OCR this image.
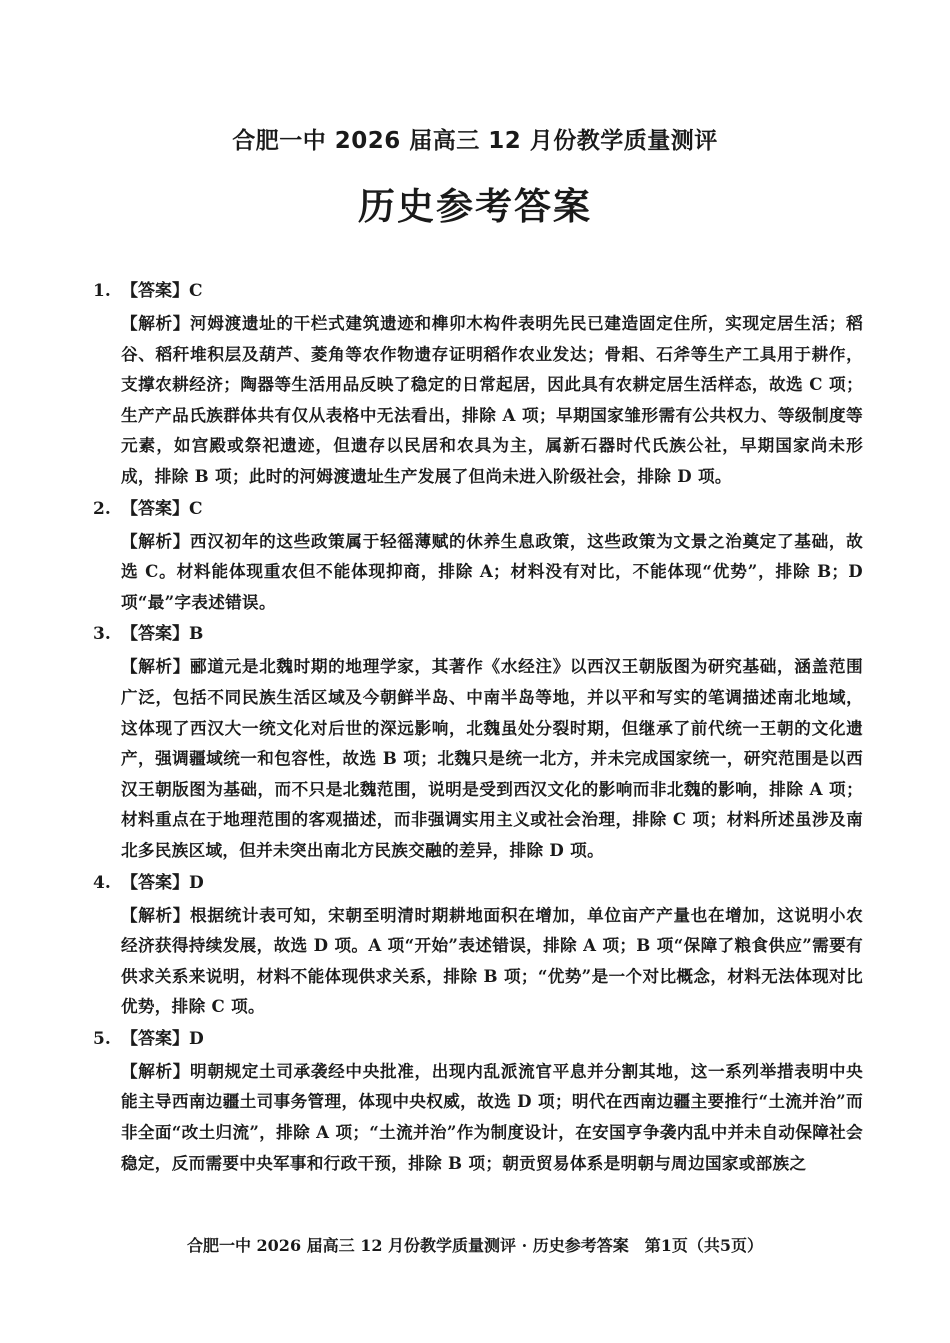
合肥一中 2026 届高三 12 月份教学质量测评
历史参考答案
1. 【答案】C
【解析】河姆渡遗址的干栏式建筑遗迹和榫卯木构件表明先民已建造固定住所，实现定居生活；稻谷、稻秆堆积层及葫芦、菱角等农作物遗存证明稻作农业发达；骨耜、石斧等生产工具用于耕作，支撑农耕经济；陶器等生活用品反映了稳定的日常起居，因此具有农耕定居生活样态，故选 C 项；生产产品氏族群体共有仅从表格中无法看出，排除 A 项；早期国家雏形需有公共权力、等级制度等元素，如宫殿或祭祀遗迹，但遗存以民居和农具为主，属新石器时代氏族公社，早期国家尚未形成，排除 B 项；此时的河姆渡遗址生产发展了但尚未进入阶级社会，排除 D 项。
2. 【答案】C
【解析】西汉初年的这些政策属于轻徭薄赋的休养生息政策，这些政策为文景之治奠定了基础，故选 C。材料能体现重农但不能体现抑商，排除 A；材料没有对比，不能体现“优势”，排除 B；D 项“最”字表述错误。
3. 【答案】B
【解析】郦道元是北魏时期的地理学家，其著作《水经注》以西汉王朝版图为研究基础，涵盖范围广泛，包括不同民族生活区域及今朝鲜半岛、中南半岛等地，并以平和写实的笔调描述南北地域，这体现了西汉大一统文化对后世的深远影响，北魏虽处分裂时期，但继承了前代统一王朝的文化遗产，强调疆域统一和包容性，故选 B 项；北魏只是统一北方，并未完成国家统一，研究范围是以西汉王朝版图为基础，而不只是北魏范围，说明是受到西汉文化的影响而非北魏的影响，排除 A 项；材料重点在于地理范围的客观描述，而非强调实用主义或社会治理，排除 C 项；材料所述虽涉及南北多民族区域，但并未突出南北方民族交融的差异，排除 D 项。
4. 【答案】D
【解析】根据统计表可知，宋朝至明清时期耕地面积在增加，单位亩产产量也在增加，这说明小农经济获得持续发展，故选 D 项。A 项“开始”表述错误，排除 A 项；B 项“保障了粮食供应”需要有供求关系来说明，材料不能体现供求关系，排除 B 项；“优势”是一个对比概念，材料无法体现对比优势，排除 C 项。
5. 【答案】D
【解析】明朝规定土司承袭经中央批准，出现内乱派流官平息并分割其地，这一系列举措表明中央能主导西南边疆土司事务管理，体现中央权威，故选 D 项；明代在西南边疆主要推行“土流并治”而非全面“改土归流”，排除 A 项；“土流并治”作为制度设计，在安国亨争袭内乱中并未自动保障社会稳定，反而需要中央军事和行政干预，排除 B 项；朝贡贸易体系是明朝与周边国家或部族之
合肥一中 2026 届高三 12 月份教学质量测评 · 历史参考答案　第1页（共5页）
